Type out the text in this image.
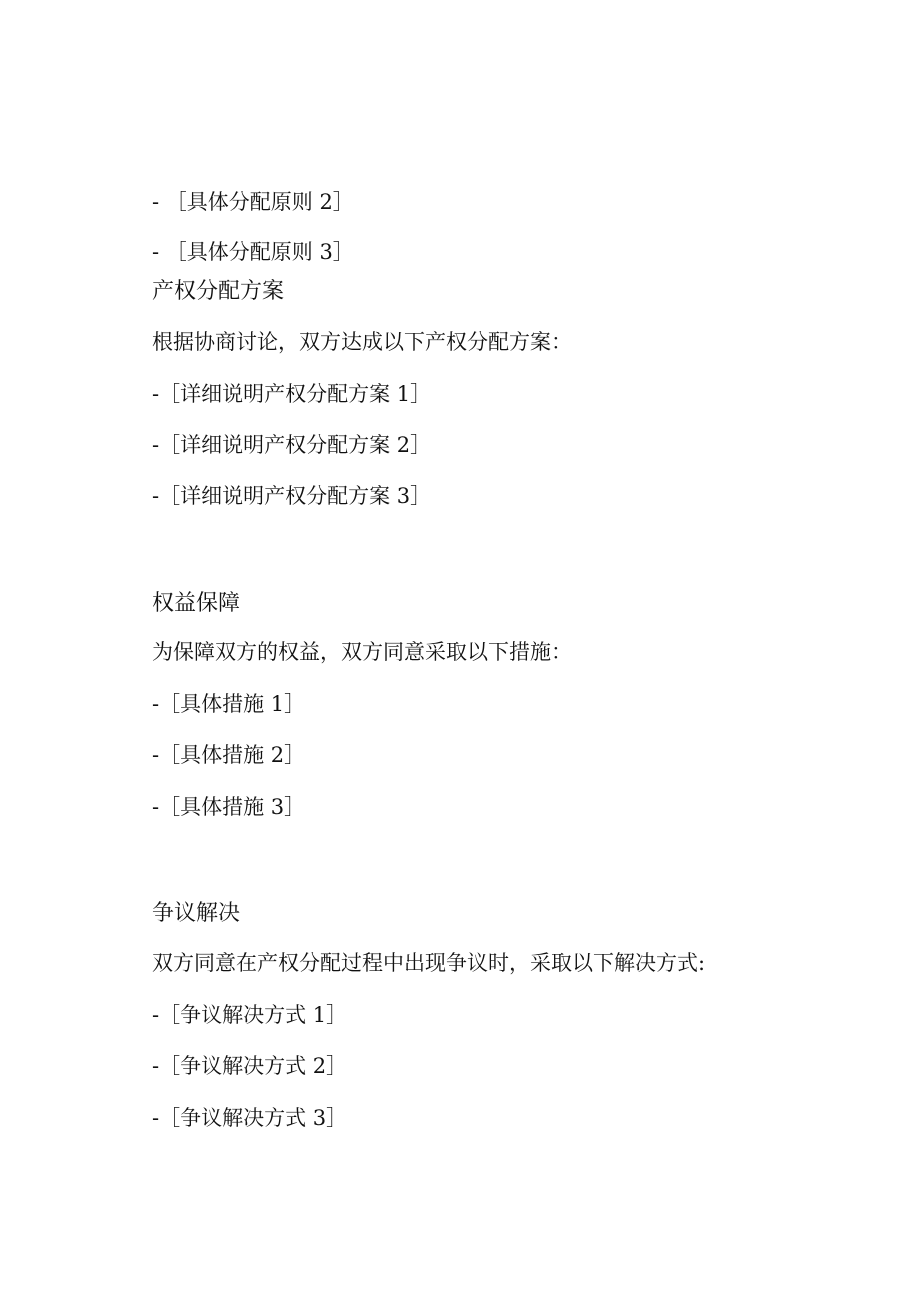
- ［具体分配原则 2］
- ［具体分配原则 3］
产权分配方案
根据协商讨论，双方达成以下产权分配方案：
-［详细说明产权分配方案 1］
-［详细说明产权分配方案 2］
-［详细说明产权分配方案 3］
权益保障
为保障双方的权益，双方同意采取以下措施：
-［具体措施 1］
-［具体措施 2］
-［具体措施 3］
争议解决
双方同意在产权分配过程中出现争议时，采取以下解决方式:
-［争议解决方式 1］
-［争议解决方式 2］
-［争议解决方式 3］
